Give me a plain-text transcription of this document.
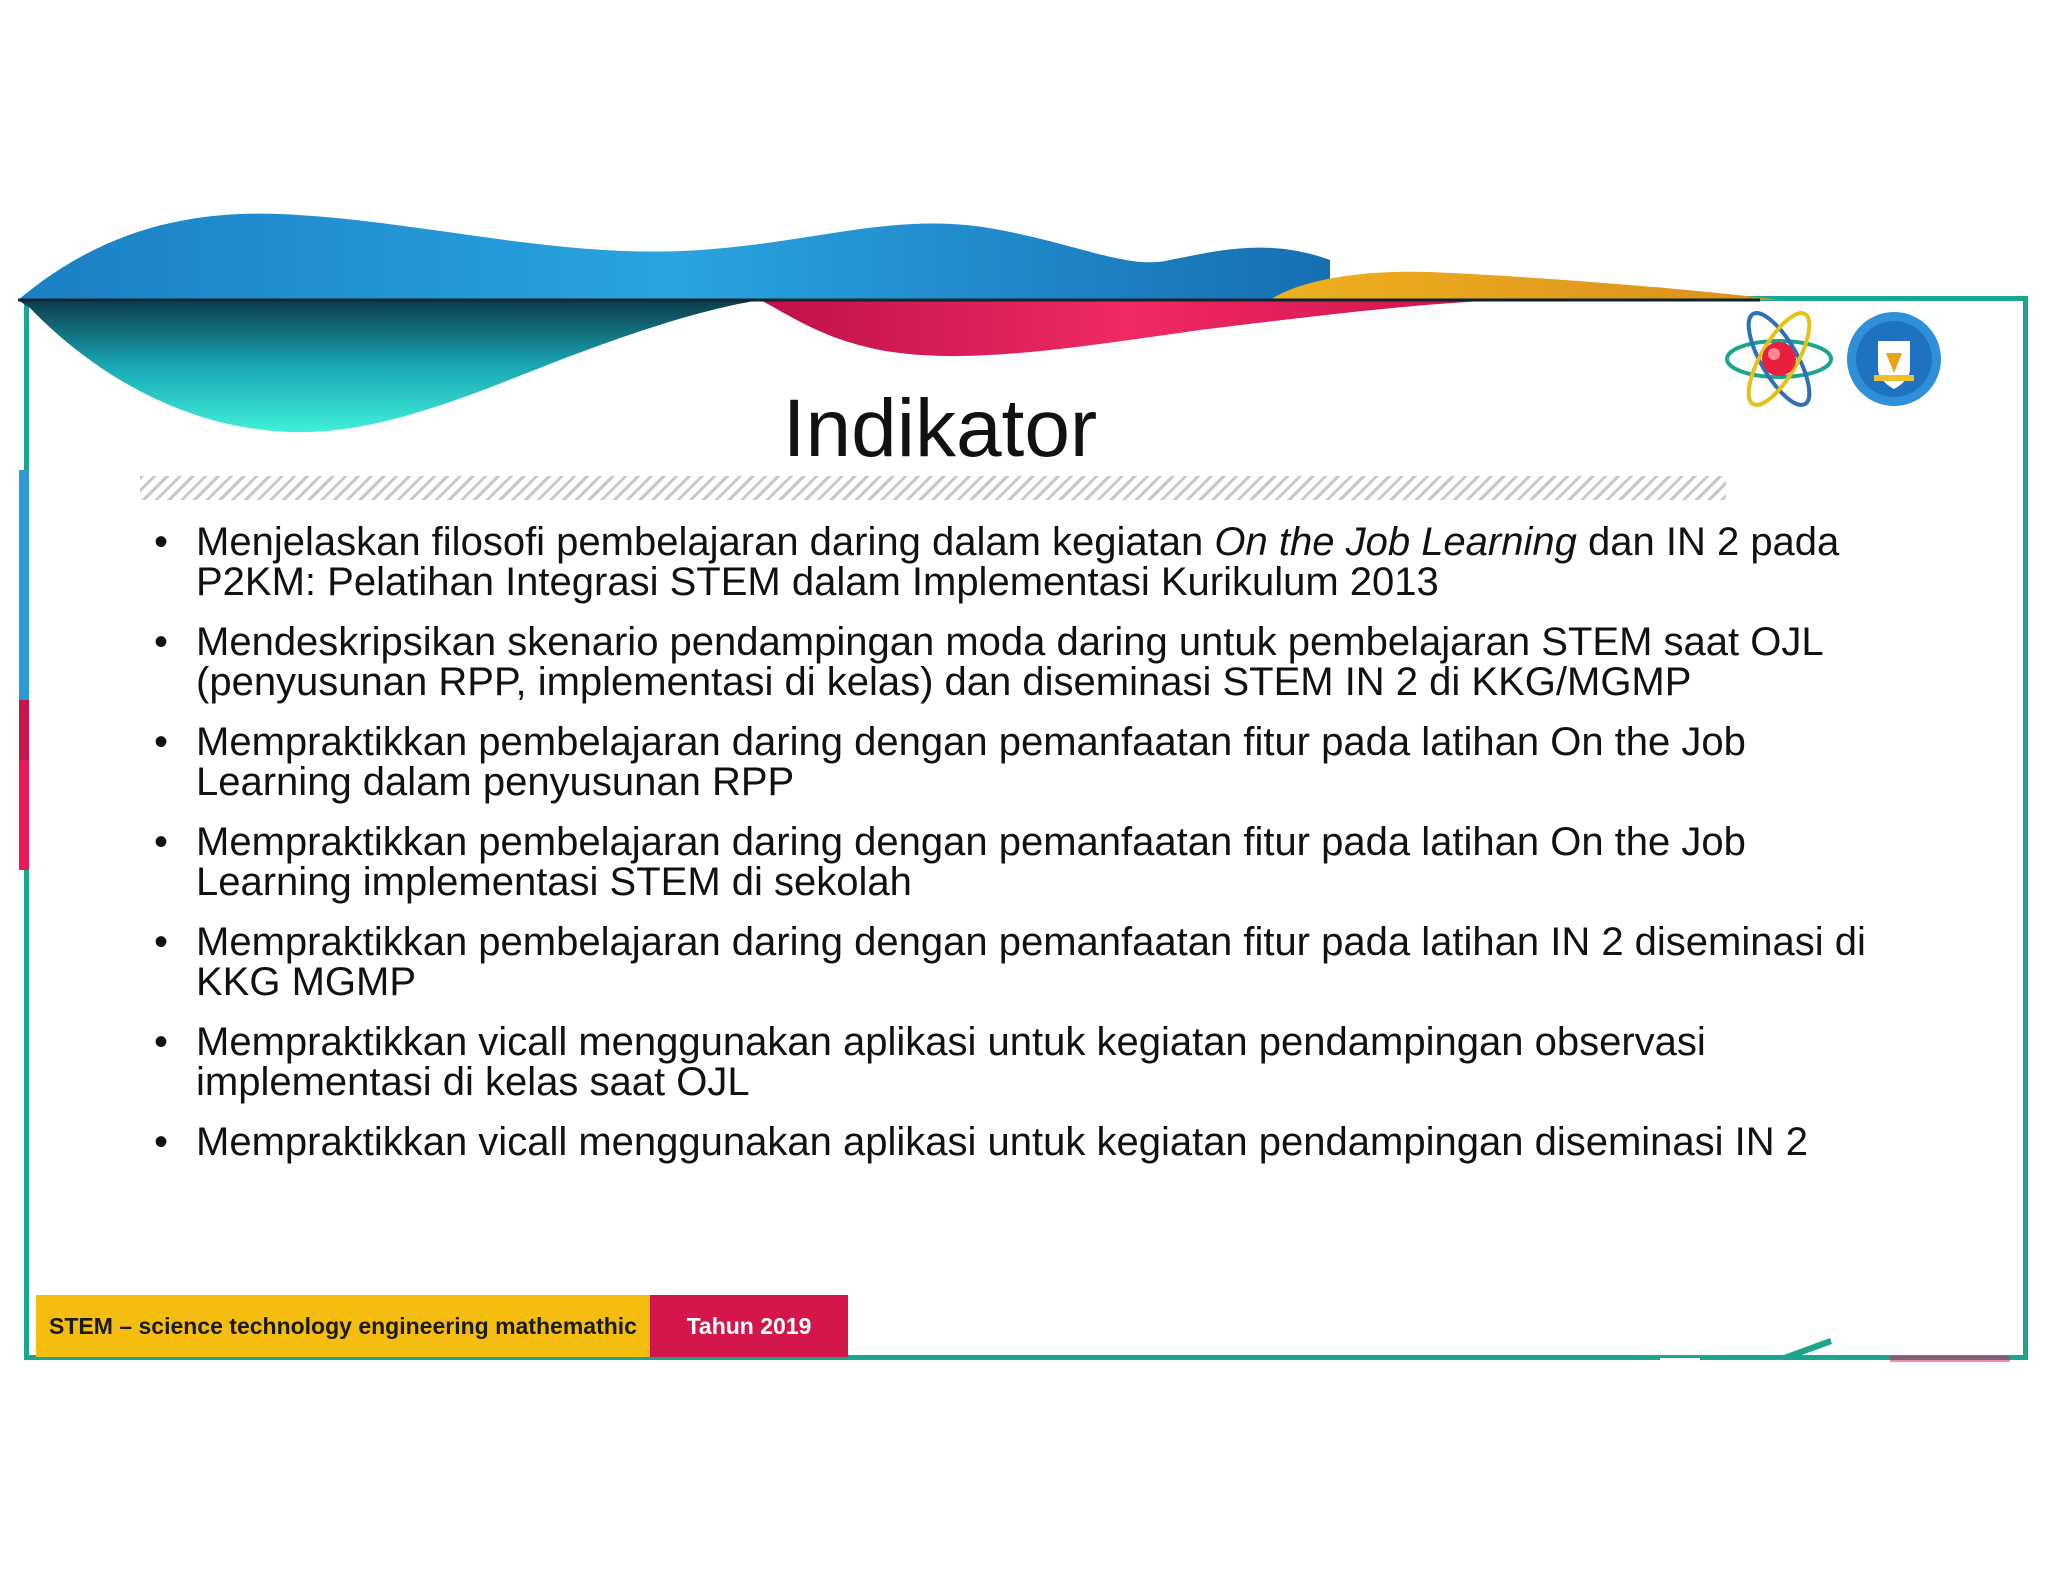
Indikator
• Menjelaskan filosofi pembelajaran daring dalam kegiatan On the Job Learning dan IN 2 pada P2KM: Pelatihan Integrasi STEM dalam Implementasi Kurikulum 2013
• Mendeskripsikan skenario pendampingan moda daring untuk pembelajaran STEM saat OJL (penyusunan RPP, implementasi di kelas) dan diseminasi STEM IN 2 di KKG/MGMP
• Mempraktikkan pembelajaran daring dengan pemanfaatan fitur pada latihan On the Job Learning dalam penyusunan RPP
• Mempraktikkan pembelajaran daring dengan pemanfaatan fitur pada latihan On the Job Learning implementasi STEM di sekolah
• Mempraktikkan pembelajaran daring dengan pemanfaatan fitur pada latihan IN 2 diseminasi di KKG MGMP
• Mempraktikkan vicall menggunakan aplikasi untuk kegiatan pendampingan observasi implementasi di kelas saat OJL
• Mempraktikkan vicall menggunakan aplikasi untuk kegiatan pendampingan diseminasi IN 2
STEM – science technology engineering mathemathic	Tahun 2019
